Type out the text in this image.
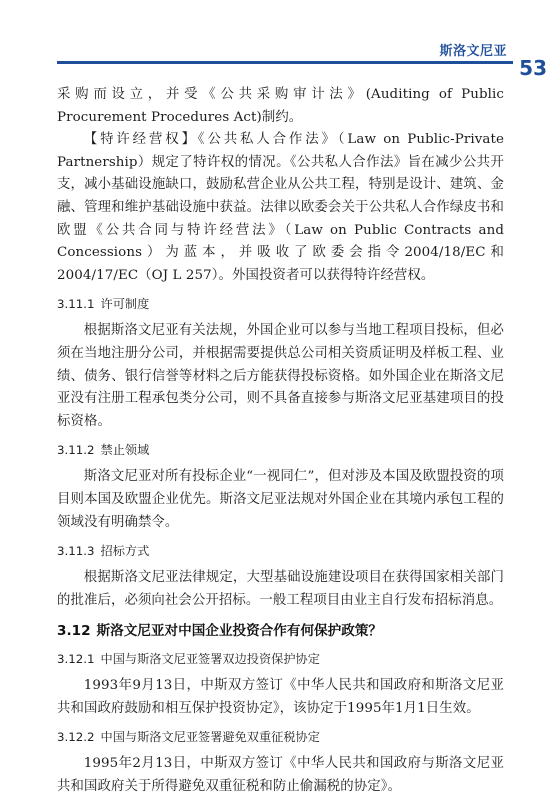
斯洛文尼亚
53

采购而设立，并受《公共采购审计法》(Auditing of Public Procurement Procedures Act)制约。

【特许经营权】《公共私人合作法》（Law on Public-Private Partnership）规定了特许权的情况。《公共私人合作法》旨在减少公共开支，减小基础设施缺口，鼓励私营企业从公共工程，特别是设计、建筑、金融、管理和维护基础设施中获益。法律以欧委会关于公共私人合作绿皮书和欧盟《公共合同与特许经营法》（Law on Public Contracts and Concessions）为蓝本，并吸收了欧委会指令2004/18/EC和2004/17/EC（OJ L 257）。外国投资者可以获得特许经营权。

3.11.1 许可制度

根据斯洛文尼亚有关法规，外国企业可以参与当地工程项目投标，但必须在当地注册分公司，并根据需要提供总公司相关资质证明及样板工程、业绩、债务、银行信誉等材料之后方能获得投标资格。如外国企业在斯洛文尼亚没有注册工程承包类分公司，则不具备直接参与斯洛文尼亚基建项目的投标资格。

3.11.2 禁止领域

斯洛文尼亚对所有投标企业“一视同仁”，但对涉及本国及欧盟投资的项目则本国及欧盟企业优先。斯洛文尼亚法规对外国企业在其境内承包工程的领域没有明确禁令。

3.11.3 招标方式

根据斯洛文尼亚法律规定，大型基础设施建设项目在获得国家相关部门的批准后，必须向社会公开招标。一般工程项目由业主自行发布招标消息。

3.12 斯洛文尼亚对中国企业投资合作有何保护政策？
3.12.1 中国与斯洛文尼亚签署双边投资保护协定

1993年9月13日，中斯双方签订《中华人民共和国政府和斯洛文尼亚共和国政府鼓励和相互保护投资协定》，该协定于1995年1月1日生效。

3.12.2 中国与斯洛文尼亚签署避免双重征税协定

1995年2月13日，中斯双方签订《中华人民共和国政府与斯洛文尼亚共和国政府关于所得避免双重征税和防止偷漏税的协定》。
